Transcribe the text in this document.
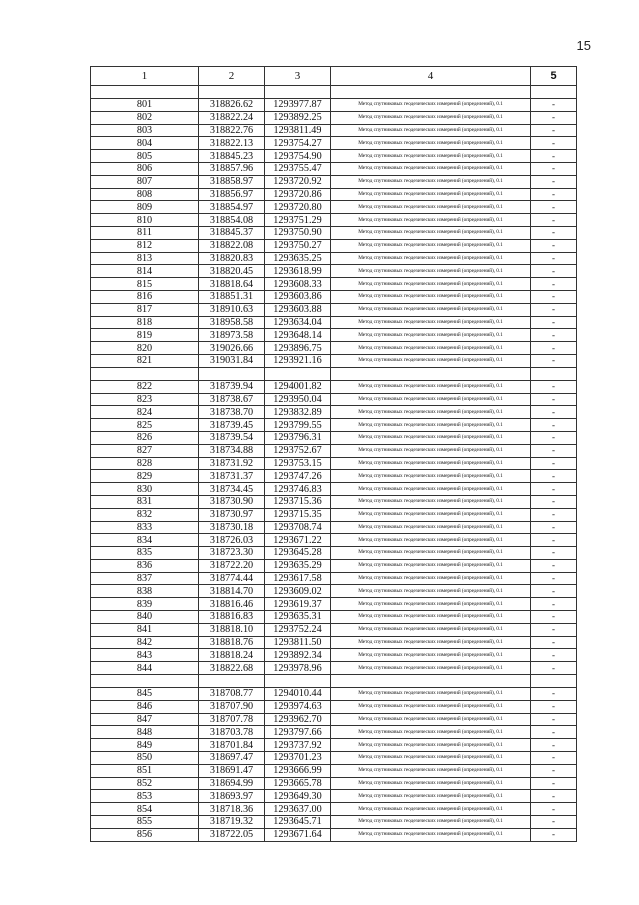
15
1	2	3	4	5

801	318826.62	1293977.87	Метод спутниковых геодезических измерений (определений), 0.1	-
802	318822.24	1293892.25	Метод спутниковых геодезических измерений (определений), 0.1	-
803	318822.76	1293811.49	Метод спутниковых геодезических измерений (определений), 0.1	-
804	318822.13	1293754.27	Метод спутниковых геодезических измерений (определений), 0.1	-
805	318845.23	1293754.90	Метод спутниковых геодезических измерений (определений), 0.1	-
806	318857.96	1293755.47	Метод спутниковых геодезических измерений (определений), 0.1	-
807	318858.97	1293720.92	Метод спутниковых геодезических измерений (определений), 0.1	-
808	318856.97	1293720.86	Метод спутниковых геодезических измерений (определений), 0.1	-
809	318854.97	1293720.80	Метод спутниковых геодезических измерений (определений), 0.1	-
810	318854.08	1293751.29	Метод спутниковых геодезических измерений (определений), 0.1	-
811	318845.37	1293750.90	Метод спутниковых геодезических измерений (определений), 0.1	-
812	318822.08	1293750.27	Метод спутниковых геодезических измерений (определений), 0.1	-
813	318820.83	1293635.25	Метод спутниковых геодезических измерений (определений), 0.1	-
814	318820.45	1293618.99	Метод спутниковых геодезических измерений (определений), 0.1	-
815	318818.64	1293608.33	Метод спутниковых геодезических измерений (определений), 0.1	-
816	318851.31	1293603.86	Метод спутниковых геодезических измерений (определений), 0.1	-
817	318910.63	1293603.88	Метод спутниковых геодезических измерений (определений), 0.1	-
818	318958.58	1293634.04	Метод спутниковых геодезических измерений (определений), 0.1	-
819	318973.58	1293648.14	Метод спутниковых геодезических измерений (определений), 0.1	-
820	319026.66	1293896.75	Метод спутниковых геодезических измерений (определений), 0.1	-
821	319031.84	1293921.16	Метод спутниковых геодезических измерений (определений), 0.1	-

822	318739.94	1294001.82	Метод спутниковых геодезических измерений (определений), 0.1	-
823	318738.67	1293950.04	Метод спутниковых геодезических измерений (определений), 0.1	-
824	318738.70	1293832.89	Метод спутниковых геодезических измерений (определений), 0.1	-
825	318739.45	1293799.55	Метод спутниковых геодезических измерений (определений), 0.1	-
826	318739.54	1293796.31	Метод спутниковых геодезических измерений (определений), 0.1	-
827	318734.88	1293752.67	Метод спутниковых геодезических измерений (определений), 0.1	-
828	318731.92	1293753.15	Метод спутниковых геодезических измерений (определений), 0.1	-
829	318731.37	1293747.26	Метод спутниковых геодезических измерений (определений), 0.1	-
830	318734.45	1293746.83	Метод спутниковых геодезических измерений (определений), 0.1	-
831	318730.90	1293715.36	Метод спутниковых геодезических измерений (определений), 0.1	-
832	318730.97	1293715.35	Метод спутниковых геодезических измерений (определений), 0.1	-
833	318730.18	1293708.74	Метод спутниковых геодезических измерений (определений), 0.1	-
834	318726.03	1293671.22	Метод спутниковых геодезических измерений (определений), 0.1	-
835	318723.30	1293645.28	Метод спутниковых геодезических измерений (определений), 0.1	-
836	318722.20	1293635.29	Метод спутниковых геодезических измерений (определений), 0.1	-
837	318774.44	1293617.58	Метод спутниковых геодезических измерений (определений), 0.1	-
838	318814.70	1293609.02	Метод спутниковых геодезических измерений (определений), 0.1	-
839	318816.46	1293619.37	Метод спутниковых геодезических измерений (определений), 0.1	-
840	318816.83	1293635.31	Метод спутниковых геодезических измерений (определений), 0.1	-
841	318818.10	1293752.24	Метод спутниковых геодезических измерений (определений), 0.1	-
842	318818.76	1293811.50	Метод спутниковых геодезических измерений (определений), 0.1	-
843	318818.24	1293892.34	Метод спутниковых геодезических измерений (определений), 0.1	-
844	318822.68	1293978.96	Метод спутниковых геодезических измерений (определений), 0.1	-

845	318708.77	1294010.44	Метод спутниковых геодезических измерений (определений), 0.1	-
846	318707.90	1293974.63	Метод спутниковых геодезических измерений (определений), 0.1	-
847	318707.78	1293962.70	Метод спутниковых геодезических измерений (определений), 0.1	-
848	318703.78	1293797.66	Метод спутниковых геодезических измерений (определений), 0.1	-
849	318701.84	1293737.92	Метод спутниковых геодезических измерений (определений), 0.1	-
850	318697.47	1293701.23	Метод спутниковых геодезических измерений (определений), 0.1	-
851	318691.47	1293666.99	Метод спутниковых геодезических измерений (определений), 0.1	-
852	318694.99	1293665.78	Метод спутниковых геодезических измерений (определений), 0.1	-
853	318693.97	1293649.30	Метод спутниковых геодезических измерений (определений), 0.1	-
854	318718.36	1293637.00	Метод спутниковых геодезических измерений (определений), 0.1	-
855	318719.32	1293645.71	Метод спутниковых геодезических измерений (определений), 0.1	-
856	318722.05	1293671.64	Метод спутниковых геодезических измерений (определений), 0.1	-
